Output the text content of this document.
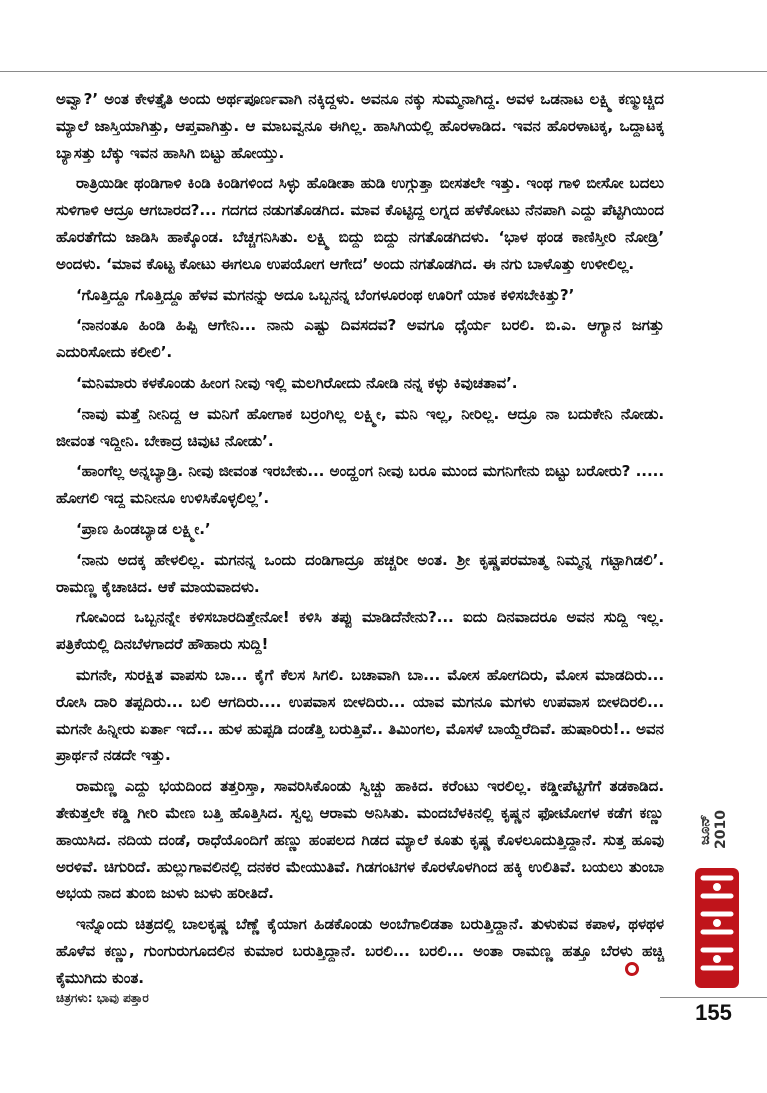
ಅವ್ವಾ?’ ಅಂತ ಕೇಳತ್ತೈತಿ ಅಂದು ಅರ್ಥಪೂರ್ಣವಾಗಿ ನಕ್ಕಿದ್ದಳು. ಅವನೂ ನಕ್ಕು ಸುಮ್ಮನಾಗಿದ್ದ. ಅವಳ ಒಡನಾಟ ಲಕ್ಷ್ಮಿ ಕಣ್ಮುಚ್ಚಿದ ಮ್ಯಾಲೆ ಜಾಸ್ತಿಯಾಗಿತ್ತು, ಆಪ್ತವಾಗಿತ್ತು. ಆ ಮಾಬವ್ವನೂ ಈಗಿಲ್ಲ. ಹಾಸಿಗಿಯಲ್ಲಿ ಹೊರಳಾಡಿದ. ಇವನ ಹೊರಳಾಟಕ್ಕ, ಒದ್ದಾಟಕ್ಕ ಬ್ಯಾಸತ್ತು ಬೆಕ್ಕು ಇವನ ಹಾಸಿಗಿ ಬಿಟ್ಟು ಹೋಯ್ತು.

ರಾತ್ರಿಯಿಡೀ ಥಂಡಿಗಾಳಿ ಕಿಂಡಿ ಕಿಂಡಿಗಳಿಂದ ಸಿಳ್ಳು ಹೊಡೀತಾ ಹುಡಿ ಉಗ್ಗುತ್ತಾ ಬೀಸತಲೇ ಇತ್ತು. ಇಂಥ ಗಾಳಿ ಬೀಸೋ ಬದಲು ಸುಳಿಗಾಳಿ ಆದ್ರೂ ಆಗಬಾರದ?... ಗದಗದ ನಡುಗತೊಡಗಿದ. ಮಾವ ಕೊಟ್ಟಿದ್ದ ಲಗ್ನದ ಹಳೆಕೋಟು ನೆನಪಾಗಿ ಎದ್ದು ಪೆಟ್ಟಿಗಿಯಿಂದ ಹೊರತೆಗೆದು ಜಾಡಿಸಿ ಹಾಕ್ಕೊಂಡ. ಬೆಚ್ಚಗನಿಸಿತು. ಲಕ್ಷ್ಮಿ ಬಿದ್ದು ಬಿದ್ದು ನಗತೊಡಗಿದಳು. ‘ಭಾಳ ಥಂಡ ಕಾಣಿಸ್ತೀರಿ ನೋಡ್ರಿ’ ಅಂದಳು. ‘ಮಾವ ಕೊಟ್ಟ ಕೋಟು ಈಗಲೂ ಉಪಯೋಗ ಆಗೇದ’ ಅಂದು ನಗತೊಡಗಿದ. ಈ ನಗು ಬಾಳೊತ್ತು ಉಳೀಲಿಲ್ಲ.

‘ಗೊತ್ತಿದ್ದೂ ಗೊತ್ತಿದ್ದೂ ಹೆಳವ ಮಗನನ್ನು ಅದೂ ಒಬ್ಬನನ್ನ ಬೆಂಗಳೂರಂಥ ಊರಿಗೆ ಯಾಕ ಕಳಿಸಬೇಕಿತ್ತು?’

‘ನಾನಂತೂ ಹಿಂಡಿ ಹಿಪ್ಪಿ ಆಗೇನಿ... ನಾನು ಎಷ್ಟು ದಿವಸದವ? ಅವಗೂ ಧೈರ್ಯ ಬರಲಿ. ಬಿ.ಎ. ಆಗ್ಯಾನ ಜಗತ್ತು ಎದುರಿಸೋದು ಕಲೀಲಿ’.

‘ಮನಿಮಾರು ಕಳಕೊಂಡು ಹೀಂಗ ನೀವು ಇಲ್ಲಿ ಮಲಗಿರೋದು ನೋಡಿ ನನ್ನ ಕಳ್ಳು ಕಿವುಚತಾವ’.

‘ನಾವು ಮತ್ತೆ ನೀನಿದ್ದ ಆ ಮನಿಗೆ ಹೋಗಾಕ ಬರ್ರಂಗಿಲ್ಲ ಲಕ್ಷ್ಮೀ, ಮನಿ ಇಲ್ಲ, ನೀರಿಲ್ಲ. ಆದ್ರೂ ನಾ ಬದುಕೇನಿ ನೋಡು. ಜೀವಂತ ಇದ್ದೀನಿ. ಬೇಕಾದ್ರ ಚಿವುಟಿ ನೋಡು’.

‘ಹಾಂಗೆಲ್ಲ ಅನ್ನಬ್ಯಾಡ್ರಿ. ನೀವು ಜೀವಂತ ಇರಬೇಕು... ಅಂದ್ಹಂಗ ನೀವು ಬರೂ ಮುಂದ ಮಗನಿಗೇನು ಬಿಟ್ಟು ಬರೋರು? ..... ಹೋಗಲಿ ಇದ್ದ ಮನೀನೂ ಉಳಿಸಿಕೊಳ್ಳಲಿಲ್ಲ’.

‘ಪ್ರಾಣ ಹಿಂಡಬ್ಯಾಡ ಲಕ್ಷ್ಮೀ.’

‘ನಾನು ಅದಕ್ಕ ಹೇಳಲಿಲ್ಲ. ಮಗನನ್ನ ಒಂದು ದಂಡಿಗಾದ್ರೂ ಹಚ್ಚರೀ ಅಂತ. ಶ್ರೀ ಕೃಷ್ಣಪರಮಾತ್ಮ ನಿಮ್ಮನ್ನ ಗಟ್ಟಾಗಿಡಲಿ’. ರಾಮಣ್ಣ ಕೈಚಾಚಿದ. ಆಕೆ ಮಾಯವಾದಳು.

ಗೋವಿಂದ ಒಬ್ಬನನ್ನೇ ಕಳಿಸಬಾರದಿತ್ತೇನೋ! ಕಳಿಸಿ ತಪ್ಪು ಮಾಡಿದೆನೇನು?... ಐದು ದಿನವಾದರೂ ಅವನ ಸುದ್ದಿ ಇಲ್ಲ. ಪತ್ರಿಕೆಯಲ್ಲಿ ದಿನಬೆಳಗಾದರೆ ಹೌಹಾರು ಸುದ್ದಿ!

ಮಗನೇ, ಸುರಕ್ಷಿತ ವಾಪಸು ಬಾ... ಕೈಗೆ ಕೆಲಸ ಸಿಗಲಿ. ಬಚಾವಾಗಿ ಬಾ... ಮೋಸ ಹೋಗದಿರು, ಮೋಸ ಮಾಡದಿರು... ರೋಸಿ ದಾರಿ ತಪ್ಪದಿರು... ಬಲಿ ಆಗದಿರು.... ಉಪವಾಸ ಬೀಳದಿರು... ಯಾವ ಮಗನೂ ಮಗಳು ಉಪವಾಸ ಬೀಳದಿರಲಿ... ಮಗನೇ ಹಿನ್ನೀರು ಏರ್ತಾ ಇದೆ... ಹುಳ ಹುಪ್ಪಡಿ ದಂಡೆತ್ತಿ ಬರುತ್ತಿವೆ.. ತಿಮಿಂಗಲ, ಮೊಸಳೆ ಬಾಯ್ದೆರೆದಿವೆ. ಹುಷಾರಿರು!.. ಅವನ ಪ್ರಾರ್ಥನೆ ನಡದೇ ಇತ್ತು.

ರಾಮಣ್ಣ ಎದ್ದು ಭಯದಿಂದ ತತ್ತರಿಸ್ತಾ, ಸಾವರಿಸಿಕೊಂಡು ಸ್ವಿಚ್ಚು ಹಾಕಿದ. ಕರೆಂಟು ಇರಲಿಲ್ಲ. ಕಡ್ಡೀಪೆಟ್ಟಿಗೆಗೆ ತಡಕಾಡಿದ. ತೇಕುತ್ತಲೇ ಕಡ್ಡಿ ಗೀರಿ ಮೇಣ ಬತ್ತಿ ಹೊತ್ತಿಸಿದ. ಸ್ವಲ್ಪ ಆರಾಮ ಅನಿಸಿತು. ಮಂದಬೆಳಕಿನಲ್ಲಿ ಕೃಷ್ಣನ ಫೋಟೋಗಳ ಕಡೆಗ ಕಣ್ಣು ಹಾಯಿಸಿದ. ನದಿಯ ದಂಡೆ, ರಾಧೆಯೊಂದಿಗೆ ಹಣ್ಣು ಹಂಪಲದ ಗಿಡದ ಮ್ಯಾಲೆ ಕೂತು ಕೃಷ್ಣ ಕೊಳಲೂದುತ್ತಿದ್ದಾನೆ. ಸುತ್ತ ಹೂವು ಅರಳಿವೆ. ಚಿಗುರಿದೆ. ಹುಲ್ಲುಗಾವಲಿನಲ್ಲಿ ದನಕರ ಮೇಯುತಿವೆ. ಗಿಡಗಂಟಿಗಳ ಕೊರಳೊಳಗಿಂದ ಹಕ್ಕಿ ಉಲಿತಿವೆ. ಬಯಲು ತುಂಬಾ ಅಭಯ ನಾದ ತುಂಬಿ ಜುಳು ಜುಳು ಹರೀತಿದೆ.

ಇನ್ನೊಂದು ಚಿತ್ರದಲ್ಲಿ ಬಾಲಕೃಷ್ಣ ಬೆಣ್ಣೆ ಕೈಯಾಗ ಹಿಡಕೊಂಡು ಅಂಬೆಗಾಲಿಡತಾ ಬರುತ್ತಿದ್ದಾನೆ. ತುಳುಕುವ ಕಪಾಳ, ಥಳಥಳ ಹೊಳೆವ ಕಣ್ಣು, ಗುಂಗುರುಗೂದಲಿನ ಕುಮಾರ ಬರುತ್ತಿದ್ದಾನೆ. ಬರಲಿ... ಬರಲಿ... ಅಂತಾ ರಾಮಣ್ಣ ಹತ್ತೂ ಬೆರಳು ಹಚ್ಚಿ ಕೈಮುಗಿದು ಕುಂತ.

ಜೂನ್ 2010
ಚಿತ್ರಗಳು: ಭಾವು ಪತ್ತಾರ
155
